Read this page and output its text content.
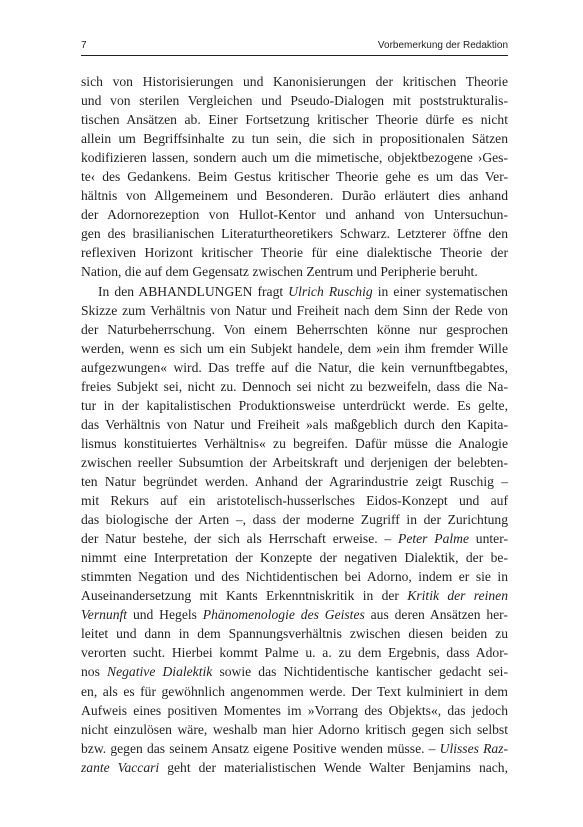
7	Vorbemerkung der Redaktion
sich von Historisierungen und Kanonisierungen der kritischen Theorie
und von sterilen Vergleichen und Pseudo-Dialogen mit poststrukturalis-
tischen Ansätzen ab. Einer Fortsetzung kritischer Theorie dürfe es nicht
allein um Begriffsinhalte zu tun sein, die sich in propositionalen Sätzen
kodifizieren lassen, sondern auch um die mimetische, objektbezogene ›Ges-
te‹ des Gedankens. Beim Gestus kritischer Theorie gehe es um das Ver-
hältnis von Allgemeinem und Besonderen. Durão erläutert dies anhand
der Adornorezeption von Hullot-Kentor und anhand von Untersuchun-
gen des brasilianischen Literaturtheoretikers Schwarz. Letzterer öffne den
reflexiven Horizont kritischer Theorie für eine dialektische Theorie der
Nation, die auf dem Gegensatz zwischen Zentrum und Peripherie beruht.
In den ABHANDLUNGEN fragt Ulrich Ruschig in einer systematischen
Skizze zum Verhältnis von Natur und Freiheit nach dem Sinn der Rede von
der Naturbeherrschung. Von einem Beherrschten könne nur gesprochen
werden, wenn es sich um ein Subjekt handele, dem »ein ihm fremder Wille
aufgezwungen« wird. Das treffe auf die Natur, die kein vernunftbegabtes,
freies Subjekt sei, nicht zu. Dennoch sei nicht zu bezweifeln, dass die Na-
tur in der kapitalistischen Produktionsweise unterdrückt werde. Es gelte,
das Verhältnis von Natur und Freiheit »als maßgeblich durch den Kapita-
lismus konstituiertes Verhältnis« zu begreifen. Dafür müsse die Analogie
zwischen reeller Subsumtion der Arbeitskraft und derjenigen der belebten-
ten Natur begründet werden. Anhand der Agrarindustrie zeigt Ruschig –
mit Rekurs auf ein aristotelisch-husserlsches Eidos-Konzept und auf
das biologische der Arten –, dass der moderne Zugriff in der Zurichtung
der Natur bestehe, der sich als Herrschaft erweise. – Peter Palme unter-
nimmt eine Interpretation der Konzepte der negativen Dialektik, der be-
stimmten Negation und des Nichtidentischen bei Adorno, indem er sie in
Auseinandersetzung mit Kants Erkenntniskritik in der Kritik der reinen
Vernunft und Hegels Phänomenologie des Geistes aus deren Ansätzen her-
leitet und dann in dem Spannungsverhältnis zwischen diesen beiden zu
verorten sucht. Hierbei kommt Palme u. a. zu dem Ergebnis, dass Ador-
nos Negative Dialektik sowie das Nichtidentische kantischer gedacht sei-
en, als es für gewöhnlich angenommen werde. Der Text kulminiert in dem
Aufweis eines positiven Momentes im »Vorrang des Objekts«, das jedoch
nicht einzulösen wäre, weshalb man hier Adorno kritisch gegen sich selbst
bzw. gegen das seinem Ansatz eigene Positive wenden müsse. – Ulisses Raz-
zante Vaccari geht der materialistischen Wende Walter Benjamins nach,
